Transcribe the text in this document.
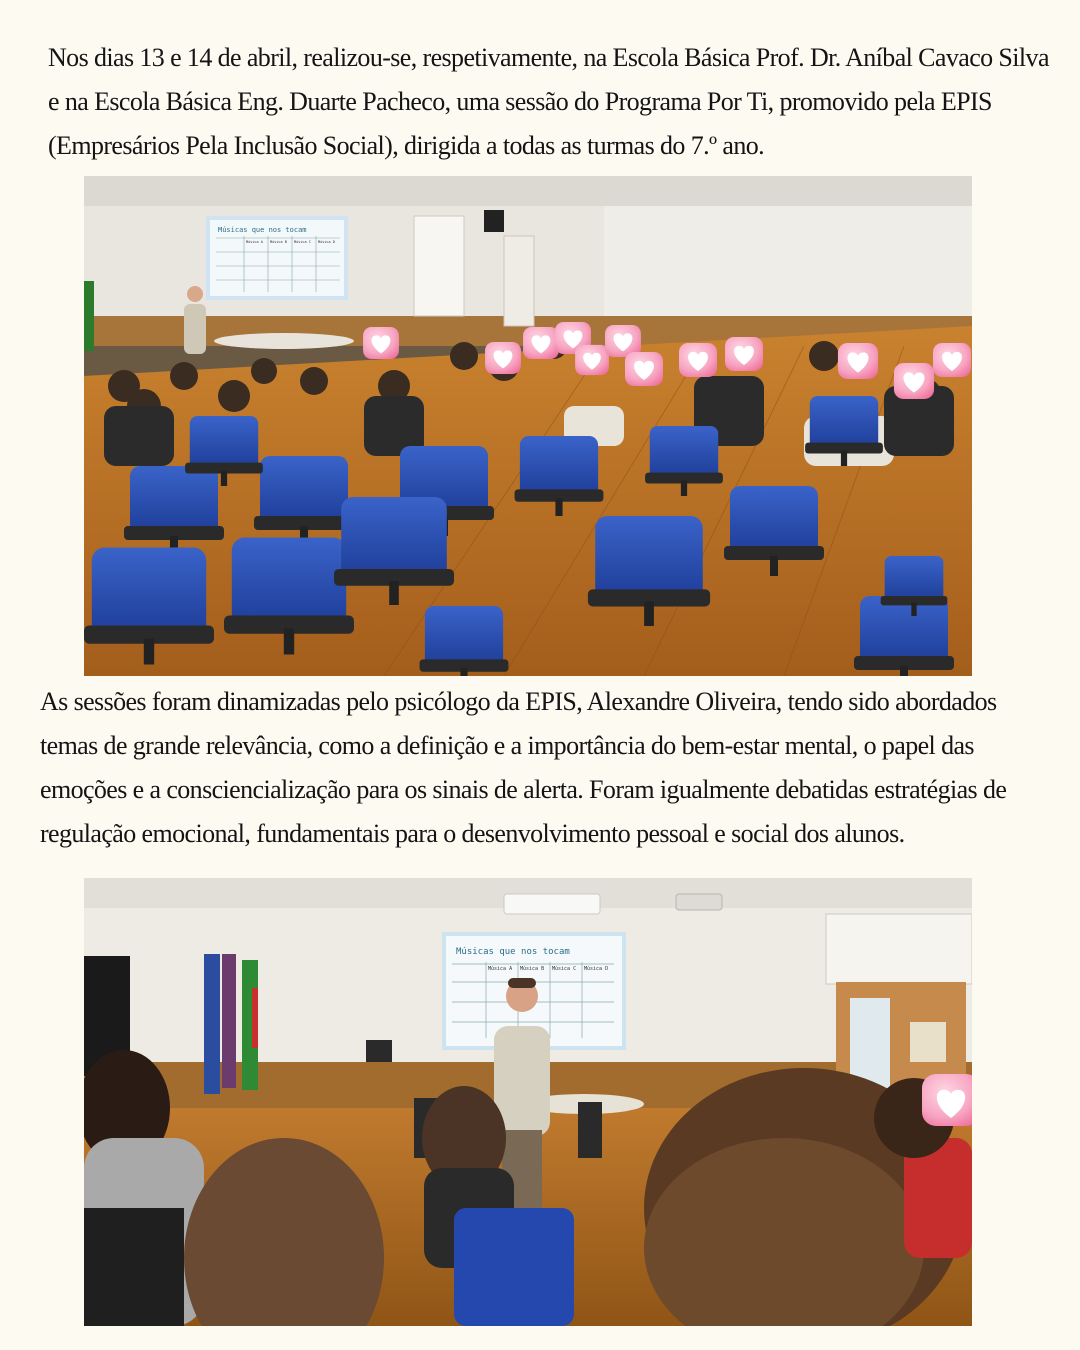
Nos dias 13 e 14 de abril, realizou-se, respetivamente, na Escola Básica Prof. Dr. Aníbal Cavaco Silva e na Escola Básica Eng. Duarte Pacheco, uma sessão do Programa Por Ti, promovido pela EPIS (Empresários Pela Inclusão Social), dirigida a todas as turmas do 7.º ano.

Músicas que nos tocam
Música A Música B Música C Música D

As sessões foram dinamizadas pelo psicólogo da EPIS, Alexandre Oliveira, tendo sido abordados temas de grande relevância, como a definição e a importância do bem-estar mental, o papel das emoções e a consciencialização para os sinais de alerta. Foram igualmente debatidas estratégias de regulação emocional, fundamentais para o desenvolvimento pessoal e social dos alunos.

Músicas que nos tocam
Música A Música B Música C Música D
